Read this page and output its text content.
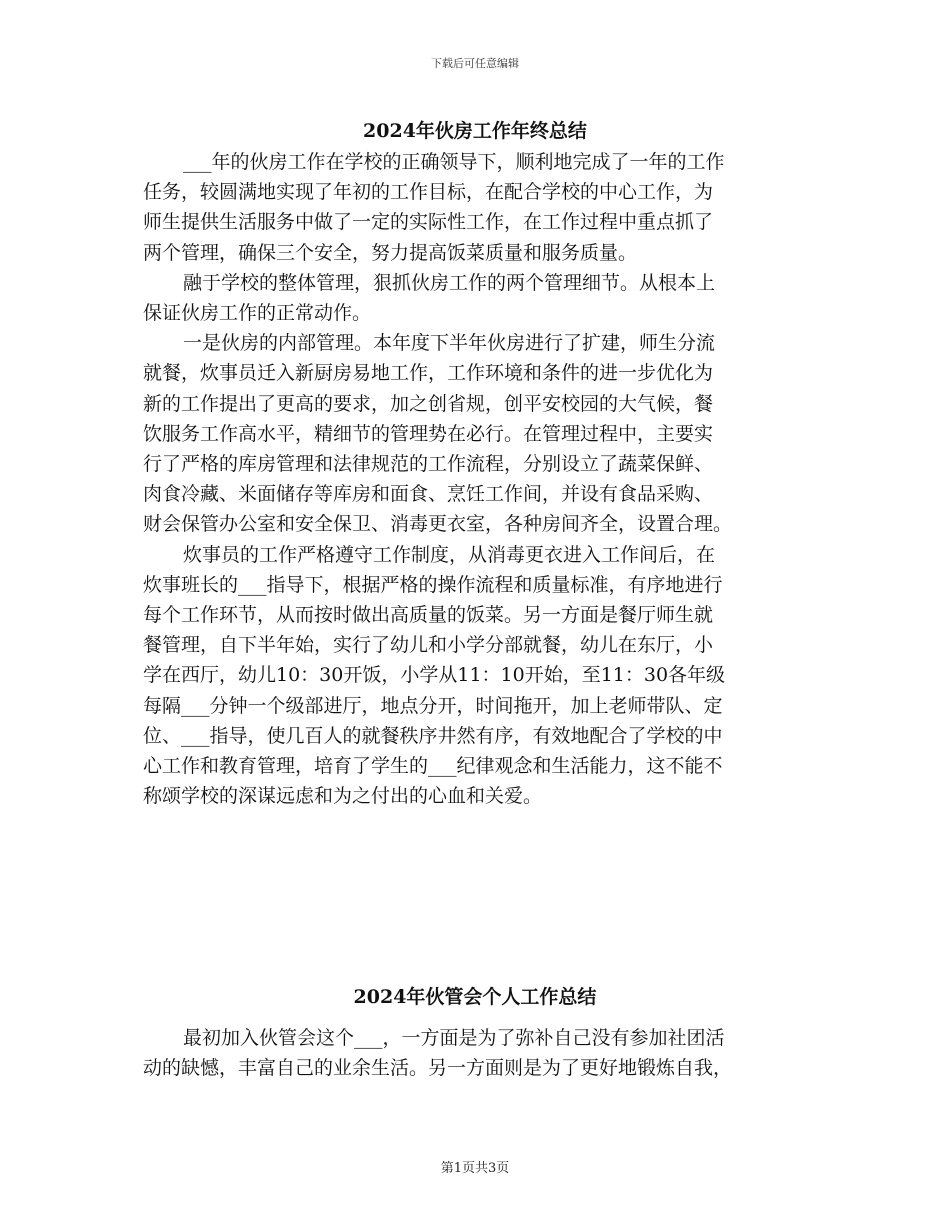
下载后可任意编辑
2024年伙房工作年终总结
___年的伙房工作在学校的正确领导下，顺利地完成了一年的工作
任务，较圆满地实现了年初的工作目标，在配合学校的中心工作，为
师生提供生活服务中做了一定的实际性工作，在工作过程中重点抓了
两个管理，确保三个安全，努力提高饭菜质量和服务质量。
融于学校的整体管理，狠抓伙房工作的两个管理细节。从根本上
保证伙房工作的正常动作。
一是伙房的内部管理。本年度下半年伙房进行了扩建，师生分流
就餐，炊事员迁入新厨房易地工作，工作环境和条件的进一步优化为
新的工作提出了更高的要求，加之创省规，创平安校园的大气候，餐
饮服务工作高水平，精细节的管理势在必行。在管理过程中，主要实
行了严格的库房管理和法律规范的工作流程，分别设立了蔬菜保鲜、
肉食冷藏、米面储存等库房和面食、烹饪工作间，并设有食品采购、
财会保管办公室和安全保卫、消毒更衣室，各种房间齐全，设置合理。
炊事员的工作严格遵守工作制度，从消毒更衣进入工作间后，在
炊事班长的___指导下，根据严格的操作流程和质量标准，有序地进行
每个工作环节，从而按时做出高质量的饭菜。另一方面是餐厅师生就
餐管理，自下半年始，实行了幼儿和小学分部就餐，幼儿在东厅，小
学在西厅，幼儿10：30开饭，小学从11：10开始，至11：30各年级
每隔___分钟一个级部进厅，地点分开，时间拖开，加上老师带队、定
位、___指导，使几百人的就餐秩序井然有序，有效地配合了学校的中
心工作和教育管理，培育了学生的___纪律观念和生活能力，这不能不
称颂学校的深谋远虑和为之付出的心血和关爱。
2024年伙管会个人工作总结
最初加入伙管会这个___，一方面是为了弥补自己没有参加社团活
动的缺憾，丰富自己的业余生活。另一方面则是为了更好地锻炼自我，
第1页共3页
